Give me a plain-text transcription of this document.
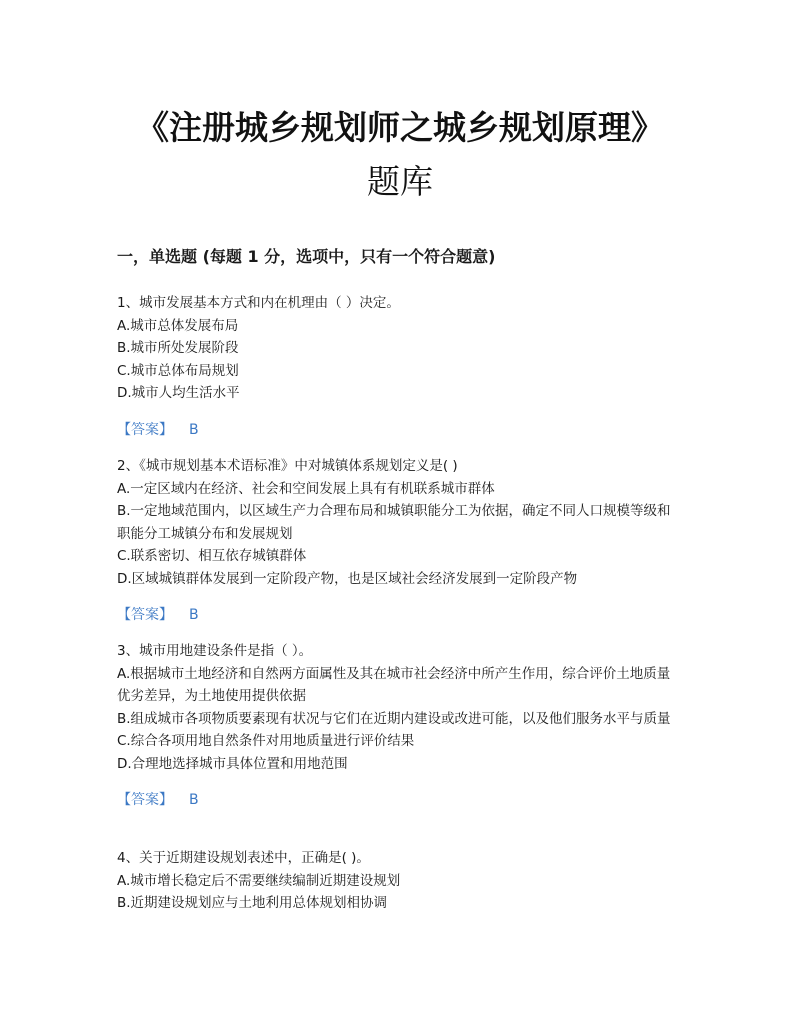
《注册城乡规划师之城乡规划原理》
题库
一，单选题 (每题 1 分，选项中，只有一个符合题意)
1、城市发展基本方式和内在机理由（ ）决定。
A.城市总体发展布局
B.城市所处发展阶段
C.城市总体布局规划
D.城市人均生活水平
【答案】 B
2、《城市规划基本术语标准》中对城镇体系规划定义是( )
A.一定区域内在经济、社会和空间发展上具有有机联系城市群体
B.一定地域范围内，以区域生产力合理布局和城镇职能分工为依据，确定不同人口规模等级和职能分工城镇分布和发展规划
C.联系密切、相互依存城镇群体
D.区域城镇群体发展到一定阶段产物，也是区域社会经济发展到一定阶段产物
【答案】 B
3、城市用地建设条件是指（ ）。
A.根据城市土地经济和自然两方面属性及其在城市社会经济中所产生作用，综合评价土地质量优劣差异，为土地使用提供依据
B.组成城市各项物质要素现有状况与它们在近期内建设或改进可能，以及他们服务水平与质量
C.综合各项用地自然条件对用地质量进行评价结果
D.合理地选择城市具体位置和用地范围
【答案】 B
4、关于近期建设规划表述中，正确是( )。
A.城市增长稳定后不需要继续编制近期建设规划
B.近期建设规划应与土地利用总体规划相协调
